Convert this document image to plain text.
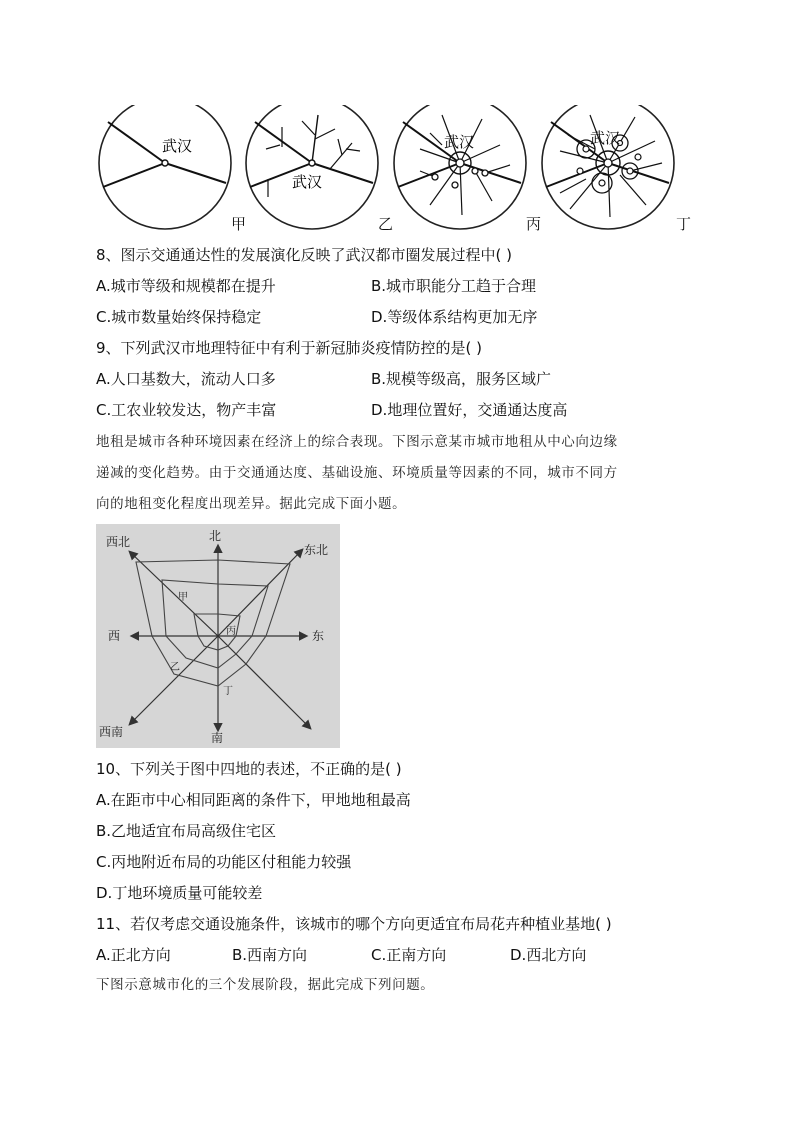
武汉
武汉
武汉	武汉
甲	乙	丙	丁
8、图示交通通达性的发展演化反映了武汉都市圈发展过程中( )
A.城市等级和规模都在提升	B.城市职能分工趋于合理
C.城市数量始终保持稳定	D.等级体系结构更加无序
9、下列武汉市地理特征中有利于新冠肺炎疫情防控的是( )
A.人口基数大，流动人口多	B.规模等级高，服务区域广
C.工农业较发达，物产丰富	D.地理位置好，交通通达度高
地租是城市各种环境因素在经济上的综合表现。下图示意某市城市地租从中心向边缘
递减的变化趋势。由于交通通达度、基础设施、环境质量等因素的不同，城市不同方
向的地租变化程度出现差异。据此完成下面小题。
北
东北
东
南
西南
西
西北
甲
乙
丙
丁
10、下列关于图中四地的表述，不正确的是( )
A.在距市中心相同距离的条件下，甲地地租最高
B.乙地适宜布局高级住宅区
C.丙地附近布局的功能区付租能力较强
D.丁地环境质量可能较差
11、若仅考虑交通设施条件，该城市的哪个方向更适宜布局花卉种植业基地( )
A.正北方向	B.西南方向	C.正南方向	D.西北方向
下图示意城市化的三个发展阶段，据此完成下列问题。
